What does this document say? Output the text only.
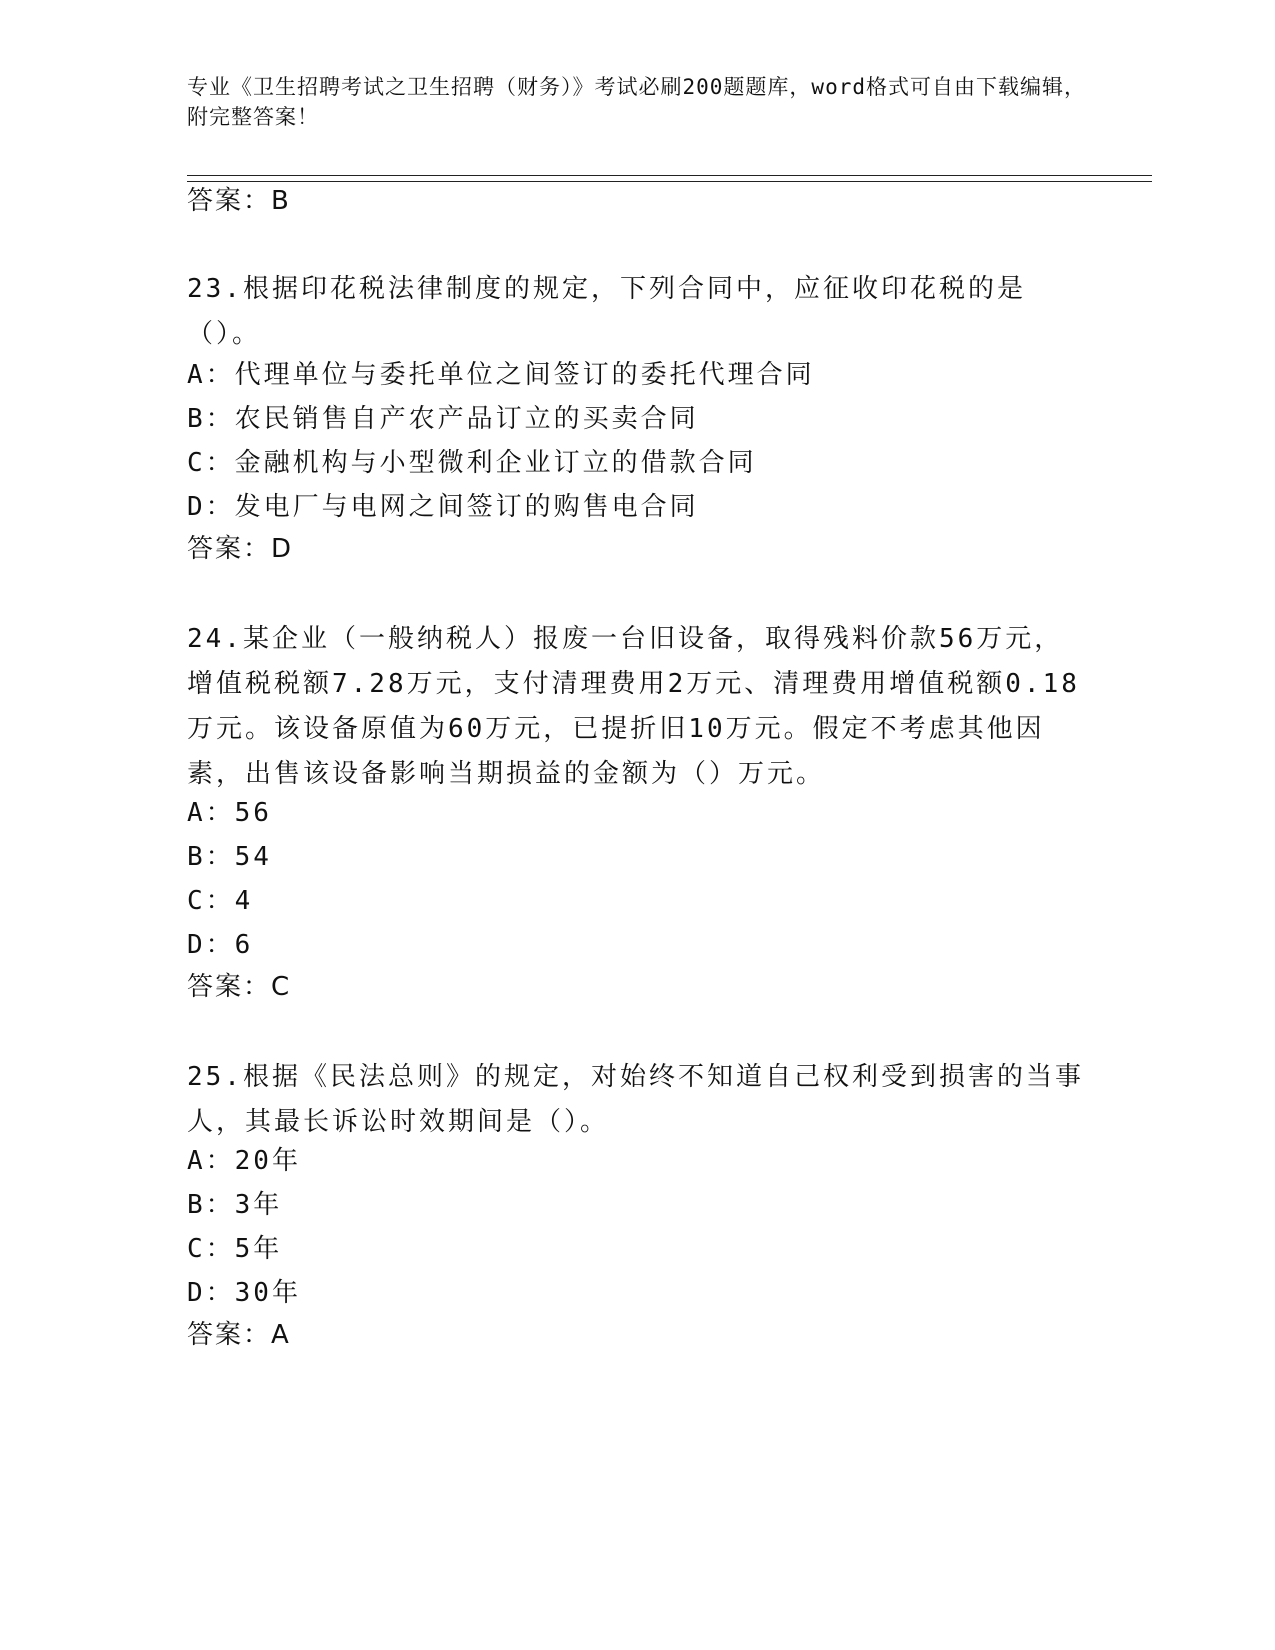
专业《卫生招聘考试之卫生招聘（财务）》考试必刷200题题库，word格式可自由下载编辑，附完整答案！
答案：B
23.根据印花税法律制度的规定，下列合同中，应征收印花税的是（）。
A：代理单位与委托单位之间签订的委托代理合同
B：农民销售自产农产品订立的买卖合同
C：金融机构与小型微利企业订立的借款合同
D：发电厂与电网之间签订的购售电合同
答案：D
24.某企业（一般纳税人）报废一台旧设备，取得残料价款56万元，增值税税额7.28万元，支付清理费用2万元、清理费用增值税额0.18万元。该设备原值为60万元，已提折旧10万元。假定不考虑其他因素，出售该设备影响当期损益的金额为（）万元。
A：56
B：54
C：4
D：6
答案：C
25.根据《民法总则》的规定，对始终不知道自己权利受到损害的当事人，其最长诉讼时效期间是（）。
A：20年
B：3年
C：5年
D：30年
答案：A
